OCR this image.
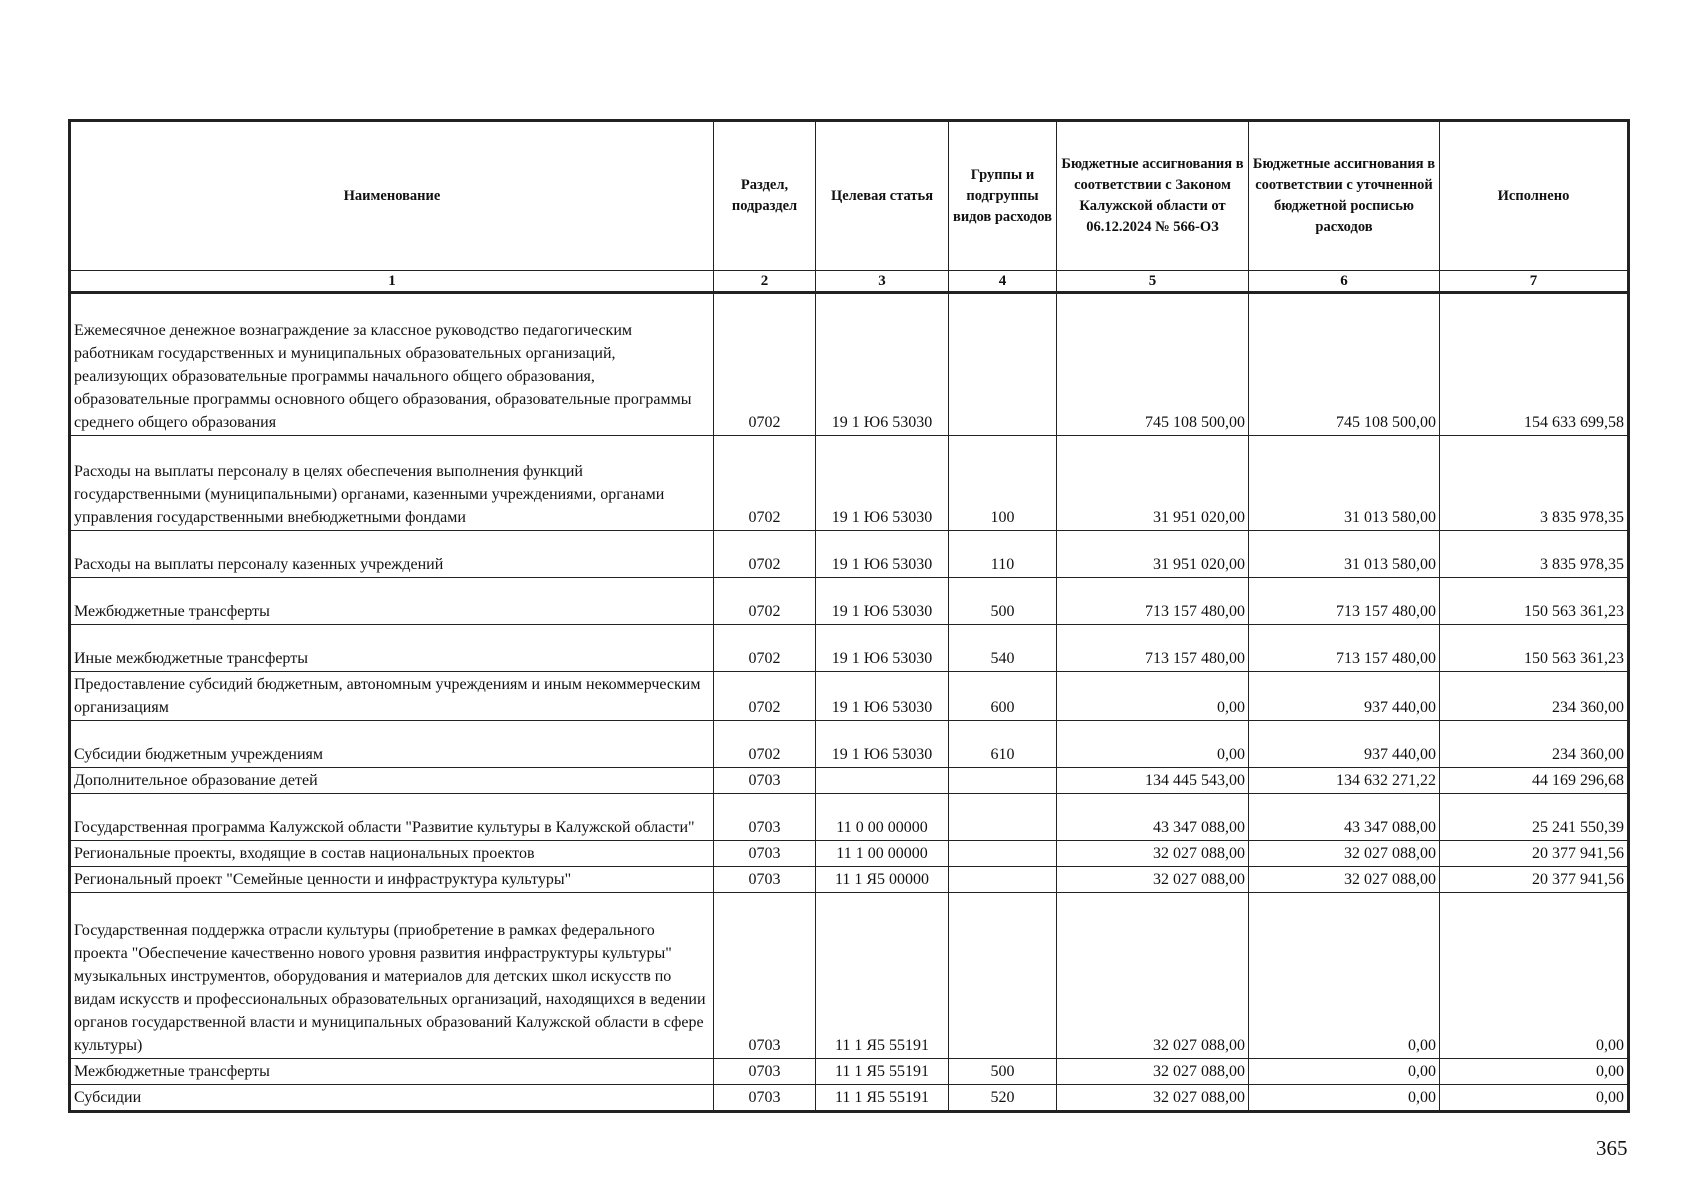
Наименование	Раздел, подраздел	Целевая статья	Группы и подгруппы видов расходов	Бюджетные ассигнования в соответствии с Законом Калужской области от 06.12.2024 № 566-ОЗ	Бюджетные ассигнования в соответствии с уточненной бюджетной росписью расходов	Исполнено
1	2	3	4	5	6	7
Ежемесячное денежное вознаграждение за классное руководство педагогическим работникам государственных и муниципальных образовательных организаций, реализующих образовательные программы начального общего образования, образовательные программы основного общего образования, образовательные программы среднего общего образования	0702	19 1 Ю6 53030		745 108 500,00	745 108 500,00	154 633 699,58
Расходы на выплаты персоналу в целях обеспечения выполнения функций государственными (муниципальными) органами, казенными учреждениями, органами управления государственными внебюджетными фондами	0702	19 1 Ю6 53030	100	31 951 020,00	31 013 580,00	3 835 978,35
Расходы на выплаты персоналу казенных учреждений	0702	19 1 Ю6 53030	110	31 951 020,00	31 013 580,00	3 835 978,35
Межбюджетные трансферты	0702	19 1 Ю6 53030	500	713 157 480,00	713 157 480,00	150 563 361,23
Иные межбюджетные трансферты	0702	19 1 Ю6 53030	540	713 157 480,00	713 157 480,00	150 563 361,23
Предоставление субсидий бюджетным, автономным учреждениям и иным некоммерческим организациям	0702	19 1 Ю6 53030	600	0,00	937 440,00	234 360,00
Субсидии бюджетным учреждениям	0702	19 1 Ю6 53030	610	0,00	937 440,00	234 360,00
Дополнительное образование детей	0703			134 445 543,00	134 632 271,22	44 169 296,68
Государственная программа Калужской области "Развитие культуры в Калужской области"	0703	11 0 00 00000		43 347 088,00	43 347 088,00	25 241 550,39
Региональные проекты, входящие в состав национальных проектов	0703	11 1 00 00000		32 027 088,00	32 027 088,00	20 377 941,56
Региональный проект "Семейные ценности и инфраструктура культуры"	0703	11 1 Я5 00000		32 027 088,00	32 027 088,00	20 377 941,56
Государственная поддержка отрасли культуры (приобретение в рамках федерального проекта "Обеспечение качественно нового уровня развития инфраструктуры культуры" музыкальных инструментов, оборудования и материалов для детских школ искусств по видам искусств и профессиональных образовательных организаций, находящихся в ведении органов государственной власти и муниципальных образований Калужской области в сфере культуры)	0703	11 1 Я5 55191		32 027 088,00	0,00	0,00
Межбюджетные трансферты	0703	11 1 Я5 55191	500	32 027 088,00	0,00	0,00
Субсидии	0703	11 1 Я5 55191	520	32 027 088,00	0,00	0,00
365
